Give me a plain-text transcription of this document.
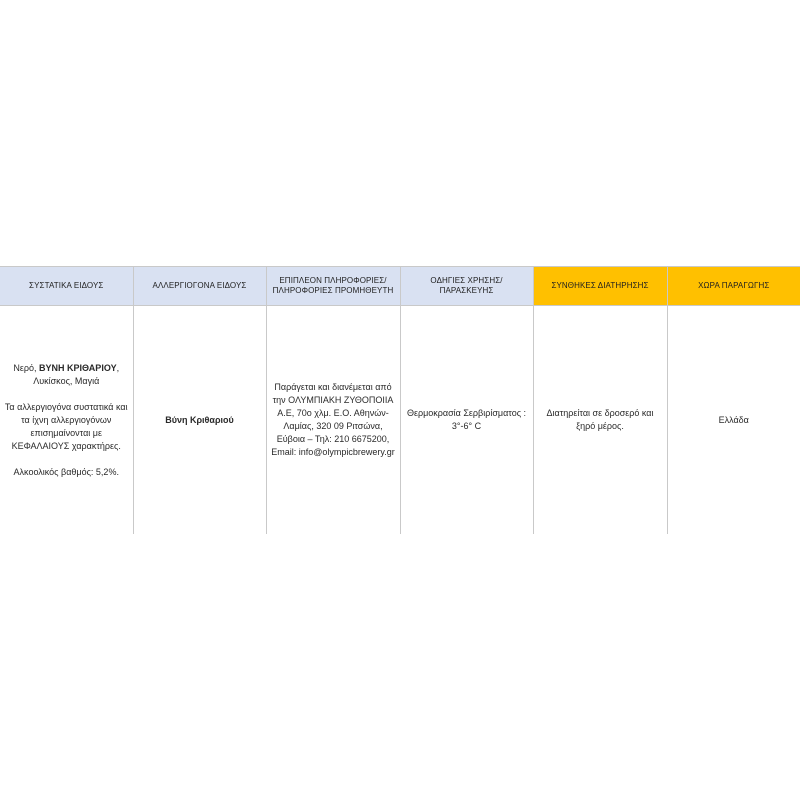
ΣΥΣΤΑΤΙΚΑ ΕΙΔΟΥΣ	ΑΛΛΕΡΓΙΟΓΟΝΑ ΕΙΔΟΥΣ	ΕΠΙΠΛΕΟΝ ΠΛΗΡΟΦΟΡΙΕΣ/ΠΛΗΡΟΦΟΡΙΕΣ ΠΡΟΜΗΘΕΥΤΗ	ΟΔΗΓΙΕΣ ΧΡΗΣΗΣ/ΠΑΡΑΣΚΕΥΗΣ	ΣΥΝΘΗΚΕΣ ΔΙΑΤΗΡΗΣΗΣ	ΧΩΡΑ ΠΑΡΑΓΩΓΗΣ

Νερό, ΒΥΝΗ ΚΡΙΘΑΡΙΟΥ, Λυκίσκος, Μαγιά
Τα αλλεργιογόνα συστατικά και τα ίχνη αλλεργιογόνων επισημαίνονται με ΚΕΦΑΛΑΙΟΥΣ χαρακτήρες.
Αλκοολικός βαθμός: 5,2%.	Βύνη Κριθαριού	Παράγεται και διανέμεται από την ΟΛΥΜΠΙΑΚΗ ΖΥΘΟΠΟΙΙΑ Α.Ε, 70ο χλμ. Ε.Ο. Αθηνών-Λαμίας, 320 09 Ριτσώνα, Εύβοια – Τηλ: 210 6675200, Email: info@olympicbrewery.gr	Θερμοκρασία Σερβιρίσματος : 3°-6° C	Διατηρείται σε δροσερό και ξηρό μέρος.	Ελλάδα
